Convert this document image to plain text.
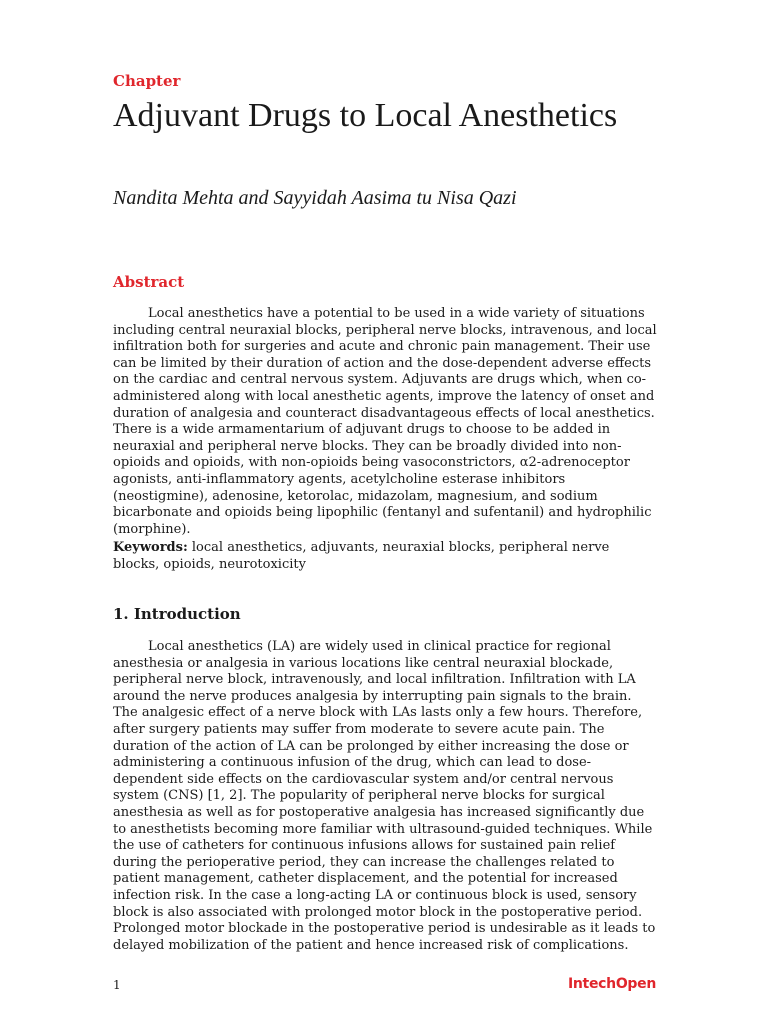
Chapter
Adjuvant Drugs to Local Anesthetics
Nandita Mehta and Sayyidah Aasima tu Nisa Qazi
Abstract

Local anesthetics have a potential to be used in a wide variety of situations including central neuraxial blocks, peripheral nerve blocks, intravenous, and local infiltration both for surgeries and acute and chronic pain management. Their use can be limited by their duration of action and the dose-dependent adverse effects on the cardiac and central nervous system. Adjuvants are drugs which, when co-administered along with local anesthetic agents, improve the latency of onset and duration of analgesia and counteract disadvantageous effects of local anesthetics. There is a wide armamentarium of adjuvant drugs to choose to be added in neuraxial and peripheral nerve blocks. They can be broadly divided into non-opioids and opioids, with non-opioids being vasoconstrictors, α2-adrenoceptor agonists, anti-inflammatory agents, acetylcholine esterase inhibitors (neostigmine), adenosine, ketorolac, midazolam, magnesium, and sodium bicarbonate and opioids being lipophilic (fentanyl and sufentanil) and hydrophilic (morphine).

Keywords: local anesthetics, adjuvants, neuraxial blocks, peripheral nerve blocks, opioids, neurotoxicity

1. Introduction

Local anesthetics (LA) are widely used in clinical practice for regional anesthesia or analgesia in various locations like central neuraxial blockade, peripheral nerve block, intravenously, and local infiltration. Infiltration with LA around the nerve produces analgesia by interrupting pain signals to the brain. The analgesic effect of a nerve block with LAs lasts only a few hours. Therefore, after surgery patients may suffer from moderate to severe acute pain. The duration of the action of LA can be prolonged by either increasing the dose or administering a continuous infusion of the drug, which can lead to dose-dependent side effects on the cardiovascular system and/or central nervous system (CNS) [1, 2]. The popularity of peripheral nerve blocks for surgical anesthesia as well as for postoperative analgesia has increased significantly due to anesthetists becoming more familiar with ultrasound-guided techniques. While the use of catheters for continuous infusions allows for sustained pain relief during the perioperative period, they can increase the challenges related to patient management, catheter displacement, and the potential for increased infection risk. In the case a long-acting LA or continuous block is used, sensory block is also associated with prolonged motor block in the postoperative period. Prolonged motor blockade in the postoperative period is undesirable as it leads to delayed mobilization of the patient and hence increased risk of complications.

1	IntechOpen
